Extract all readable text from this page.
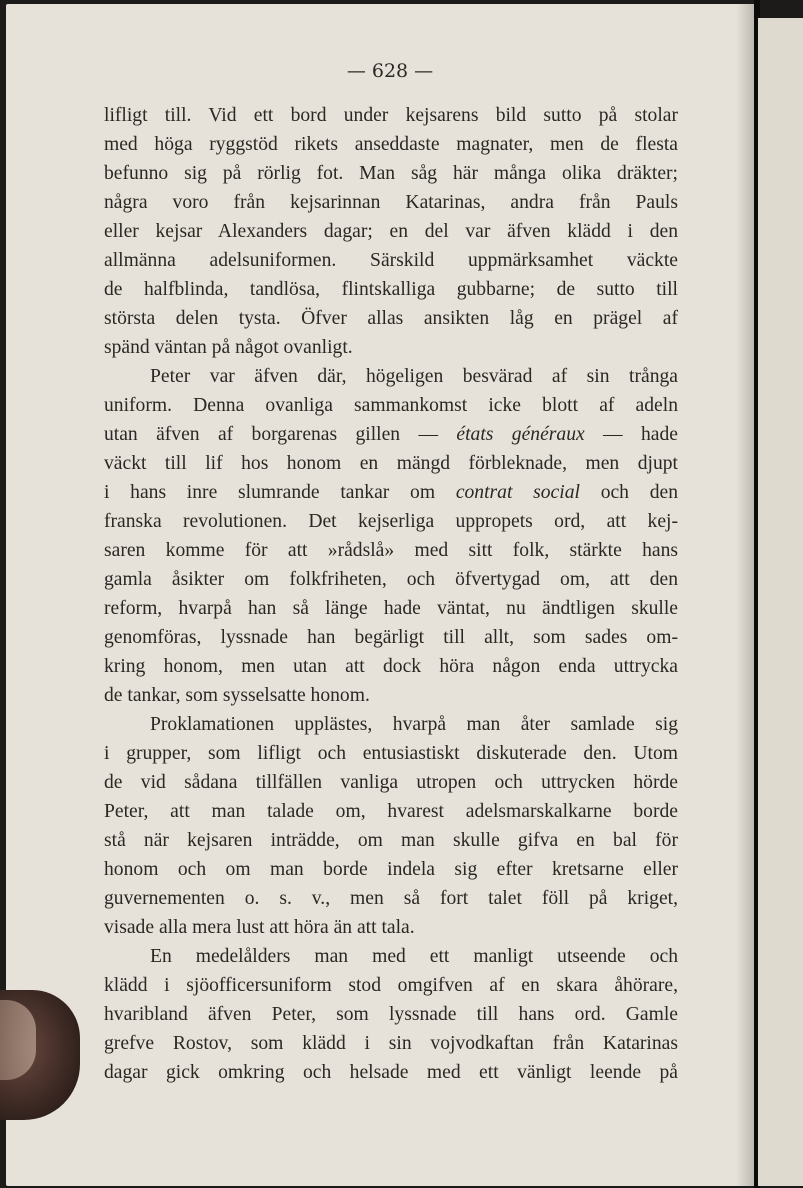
— 628 —

lifligt till. Vid ett bord under kejsarens bild sutto på stolar

med höga ryggstöd rikets anseddaste magnater, men de flesta

befunno sig på rörlig fot. Man såg här många olika dräkter;

några voro från kejsarinnan Katarinas, andra från Pauls

eller kejsar Alexanders dagar; en del var äfven klädd i den

allmänna adelsuniformen. Särskild uppmärksamhet väckte

de halfblinda, tandlösa, flintskalliga gubbarne; de sutto till

största delen tysta. Öfver allas ansikten låg en prägel af

spänd väntan på något ovanligt.

Peter var äfven där, högeligen besvärad af sin trånga

uniform. Denna ovanliga sammankomst icke blott af adeln

utan äfven af borgarenas gillen — états généraux — hade

väckt till lif hos honom en mängd förbleknade, men djupt

i hans inre slumrande tankar om contrat social och den

franska revolutionen. Det kejserliga uppropets ord, att kej-

saren komme för att »rådslå» med sitt folk, stärkte hans

gamla åsikter om folkfriheten, och öfvertygad om, att den

reform, hvarpå han så länge hade väntat, nu ändtligen skulle

genomföras, lyssnade han begärligt till allt, som sades om-

kring honom, men utan att dock höra någon enda uttrycka

de tankar, som sysselsatte honom.

Proklamationen upplästes, hvarpå man åter samlade sig

i grupper, som lifligt och entusiastiskt diskuterade den. Utom

de vid sådana tillfällen vanliga utropen och uttrycken hörde

Peter, att man talade om, hvarest adelsmarskalkarne borde

stå när kejsaren inträdde, om man skulle gifva en bal för

honom och om man borde indela sig efter kretsarne eller

guvernementen o. s. v., men så fort talet föll på kriget,

visade alla mera lust att höra än att tala.

En medelålders man med ett manligt utseende och

klädd i sjöofficersuniform stod omgifven af en skara åhörare,

hvaribland äfven Peter, som lyssnade till hans ord. Gamle

grefve Rostov, som klädd i sin vojvodkaftan från Katarinas

dagar gick omkring och helsade med ett vänligt leende på
